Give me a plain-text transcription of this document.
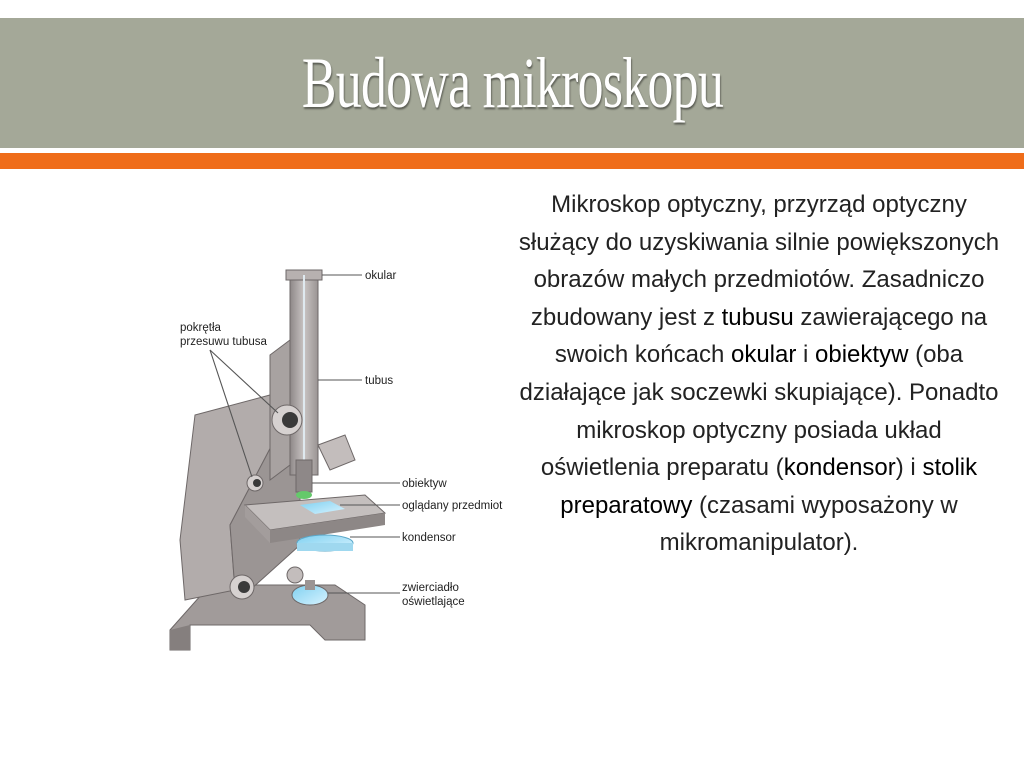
Budowa mikroskopu
Mikroskop optyczny, przyrząd optyczny służący do uzyskiwania silnie powiększonych obrazów małych przedmiotów. Zasadniczo zbudowany jest z tubusu zawierającego na swoich końcach okular i obiektyw (oba działające jak soczewki skupiające). Ponadto mikroskop optyczny posiada układ oświetlenia preparatu (kondensor) i stolik preparatowy (czasami wyposażony w mikromanipulator).
okular
pokrętła
przesuwu tubusa
tubus
obiektyw
oglądany przedmiot
kondensor
zwierciadło
oświetlające
